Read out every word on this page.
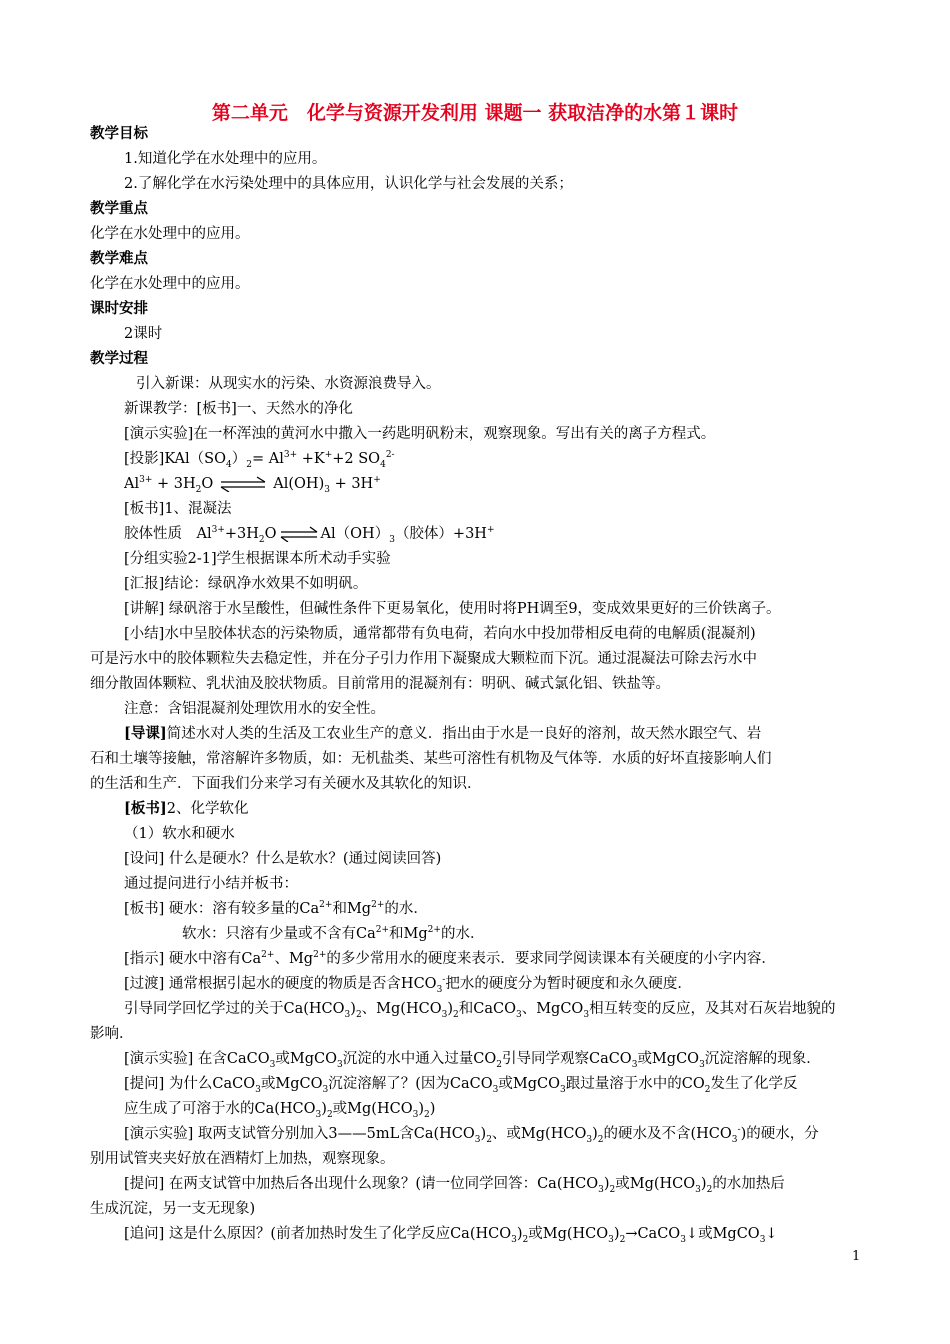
第二单元　化学与资源开发利用 课题一 获取洁净的水第１课时
教学目标
1.知道化学在水处理中的应用。
2.了解化学在水污染处理中的具体应用，认识化学与社会发展的关系；
教学重点
化学在水处理中的应用。
教学难点
化学在水处理中的应用。
课时安排
2课时
教学过程
引入新课：从现实水的污染、水资源浪费导入。
新课教学：[板书]一、天然水的净化
[演示实验]在一杯浑浊的黄河水中撒入一药匙明矾粉末，观察现象。写出有关的离子方程式。
[投影]$KAl(SO_4)_2= Al^{3+} +K^++2$ $SO_4^{2-}$
$Al^{3+} + 3H_2O$ ⇌ $Al(OH)_3 + 3H^+$
[板书]1、混凝法
胶体性质　$Al^{3+}+3H_2O$ ⇌ $Al(OH)_3$（胶体）+3H+
[分组实验2-1]学生根据课本所术动手实验
[汇报]结论：绿矾净水效果不如明矾。
[讲解] 绿矾溶于水呈酸性，但碱性条件下更易氧化，使用时将PH调至9，变成效果更好的三价铁离子。
[小结]水中呈胶体状态的污染物质，通常都带有负电荷，若向水中投加带相反电荷的电解质(混凝剂)
可是污水中的胶体颗粒失去稳定性，并在分子引力作用下凝聚成大颗粒而下沉。通过混凝法可除去污水中
细分散固体颗粒、乳状油及胶状物质。目前常用的混凝剂有：明矾、碱式氯化铝、铁盐等。
注意：含铝混凝剂处理饮用水的安全性。
[导课]简述水对人类的生活及工农业生产的意义．指出由于水是一良好的溶剂，故天然水跟空气、岩
石和土壤等接触，常溶解许多物质，如：无机盐类、某些可溶性有机物及气体等．水质的好坏直接影响人们
的生活和生产．下面我们分来学习有关硬水及其软化的知识．
[板书]2、化学软化
（1）软水和硬水
[设问] 什么是硬水？什么是软水？(通过阅读回答)
通过提问进行小结并板书：
[板书] 硬水：溶有较多量的$Ca^{2+}$和$Mg^{2+}$的水．
软水：只溶有少量或不含有$Ca^{2+}$和$Mg^{2+}$的水．
[指示] 硬水中溶有$Ca^{2+}$、$Mg^{2+}$的多少常用水的硬度来表示．要求同学阅读课本有关硬度的小字内容．
[过渡] 通常根据引起水的硬度的物质是否含$HCO_3^-$把水的硬度分为暂时硬度和永久硬度．
引导同学回忆学过的关于$Ca(HCO_3)_2$、$Mg(HCO_3)_2$和CaCO$_3$、MgCO$_3$相互转变的反应，及其对石灰岩地貌的
影响．
[演示实验] 在含CaCO$_3$或MgCO$_3$沉淀的水中通入过量$CO_2$引导同学观察CaCO$_3$或MgCO$_3$沉淀溶解的现象．
[提问] 为什么CaCO$_3$或MgCO$_3$沉淀溶解了？(因为CaCO$_3$或MgCO$_3$跟过量溶于水中的$CO_2$发生了化学反
应生成了可溶于水的$Ca(HCO_3)_2$或$Mg(HCO_3)_2$)
[演示实验] 取两支试管分别加入3——5mL含$Ca(HCO_3)_2$、或$Mg(HCO_3)_2$的硬水及不含$(HCO_3^-)$的硬水，分
别用试管夹夹好放在酒精灯上加热，观察现象。
[提问] 在两支试管中加热后各出现什么现象？(请一位同学回答：$Ca(HCO_3)_2$或$Mg(HCO_3)_2$的水加热后
生成沉淀，另一支无现象)
[追问] 这是什么原因？(前者加热时发生了化学反应$Ca(HCO_3)_2$或$Mg(HCO_3)_2\to CaCO_3↓$或MgCO$_3$↓
1
